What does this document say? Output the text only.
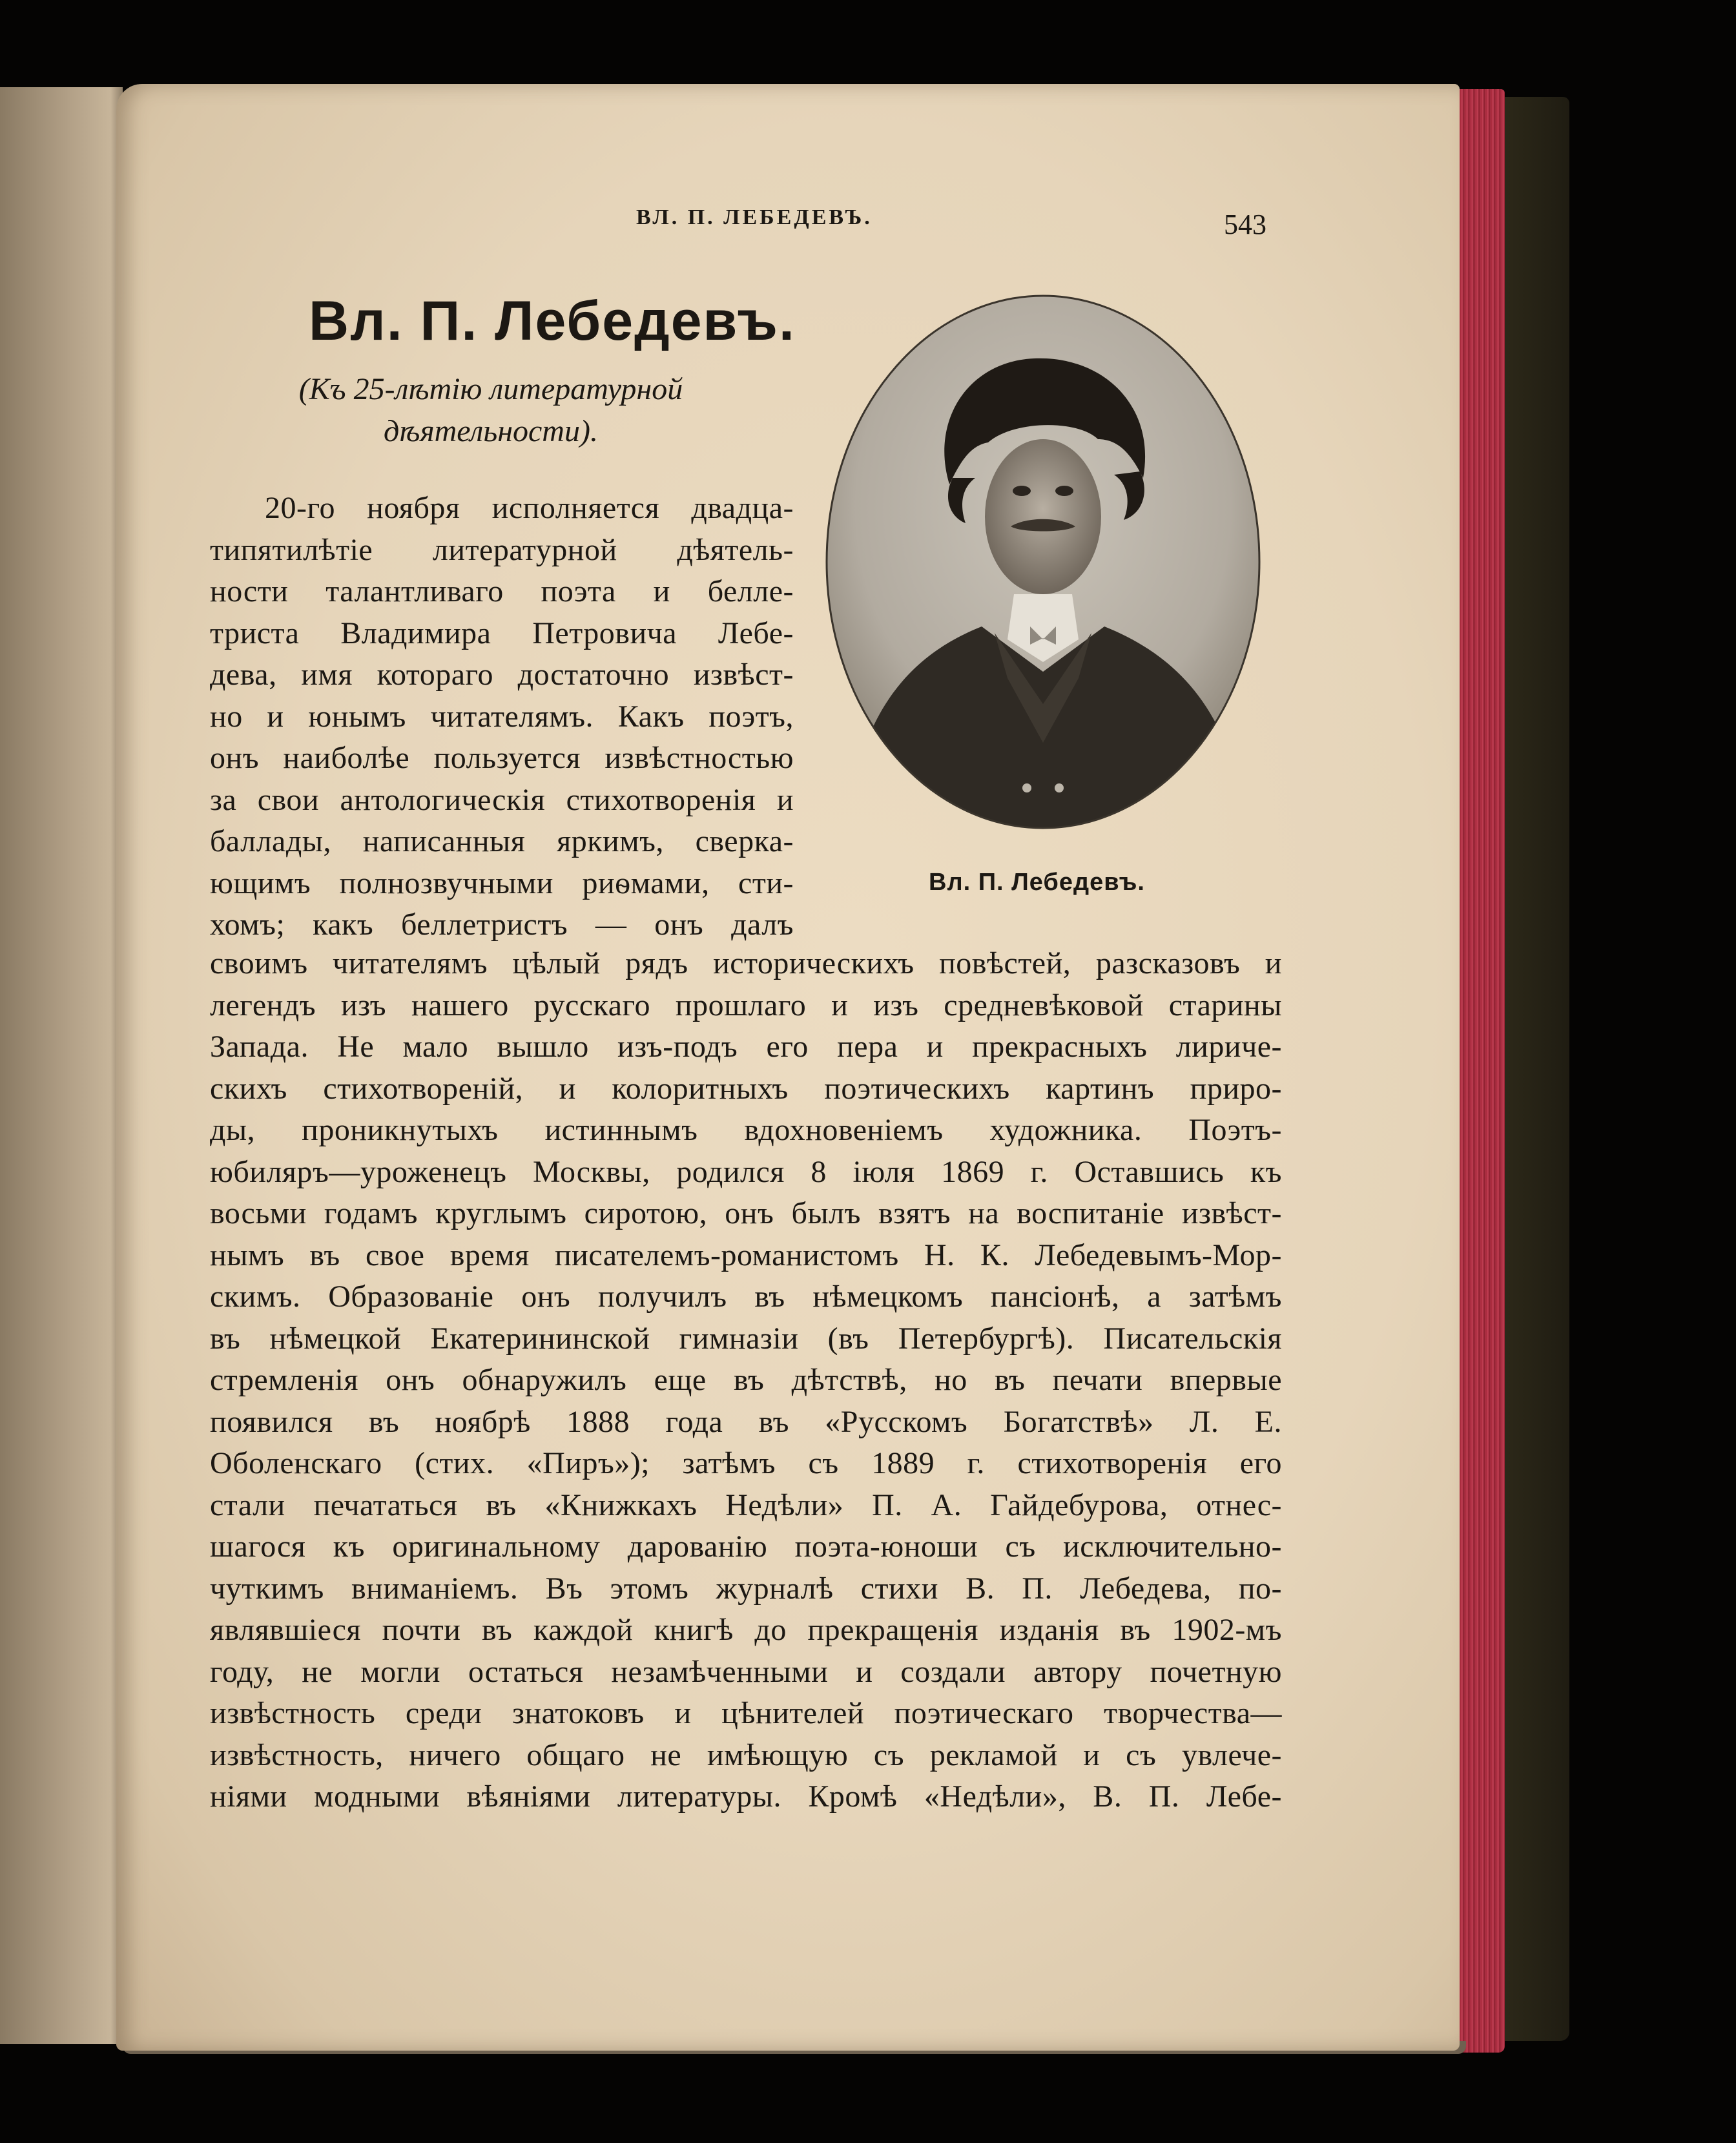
ВЛ. П. ЛЕБЕДЕВЪ.	543
Вл. П. Лебедевъ.
(Къ 25-лѣтію литературной
дѣятельности).
20-го ноября исполняется двадца-
типятилѣтіе литературной дѣятель-
ности талантливаго поэта и белле-
триста Владимира Петровича Лебе-
дева, имя котораго достаточно извѣст-
но и юнымъ читателямъ. Какъ поэтъ,
онъ наиболѣе пользуется извѣстностью
за свои антологическія стихотворенія и
баллады, написанныя яркимъ, сверка-
ющимъ полнозвучными риѳмами, сти-
хомъ; какъ беллетристъ — онъ далъ
своимъ читателямъ цѣлый рядъ историческихъ повѣстей, разсказовъ и
легендъ изъ нашего русскаго прошлаго и изъ средневѣковой старины
Запада. Не мало вышло изъ-подъ его пера и прекрасныхъ лириче-
скихъ стихотвореній, и колоритныхъ поэтическихъ картинъ приро-
ды, проникнутыхъ истиннымъ вдохновеніемъ художника. Поэтъ-
юбиляръ—уроженецъ Москвы, родился 8 іюля 1869 г. Оставшись къ
восьми годамъ круглымъ сиротою, онъ былъ взятъ на воспитаніе извѣст-
нымъ въ свое время писателемъ-романистомъ Н. К. Лебедевымъ-Мор-
скимъ. Образованіе онъ получилъ въ нѣмецкомъ пансіонѣ, а затѣмъ
въ нѣмецкой Екатерининской гимназіи (въ Петербургѣ). Писательскія
стремленія онъ обнаружилъ еще въ дѣтствѣ, но въ печати впервые
появился въ ноябрѣ 1888 года въ «Русскомъ Богатствѣ» Л. Е.
Оболенскаго (стих. «Пиръ»); затѣмъ съ 1889 г. стихотворенія его
стали печататься въ «Книжкахъ Недѣли» П. А. Гайдебурова, отнес-
шагося къ оригинальному дарованію поэта-юноши съ исключительно-
чуткимъ вниманіемъ. Въ этомъ журналѣ стихи В. П. Лебедева, по-
являвшіеся почти въ каждой книгѣ до прекращенія изданія въ 1902-мъ
году, не могли остаться незамѣченными и создали автору почетную
извѣстность среди знатоковъ и цѣнителей поэтическаго творчества—
извѣстность, ничего общаго не имѣющую съ рекламой и съ увлече-
ніями модными вѣяніями литературы. Кромѣ «Недѣли», В. П. Лебе-
Вл. П. Лебедевъ.
